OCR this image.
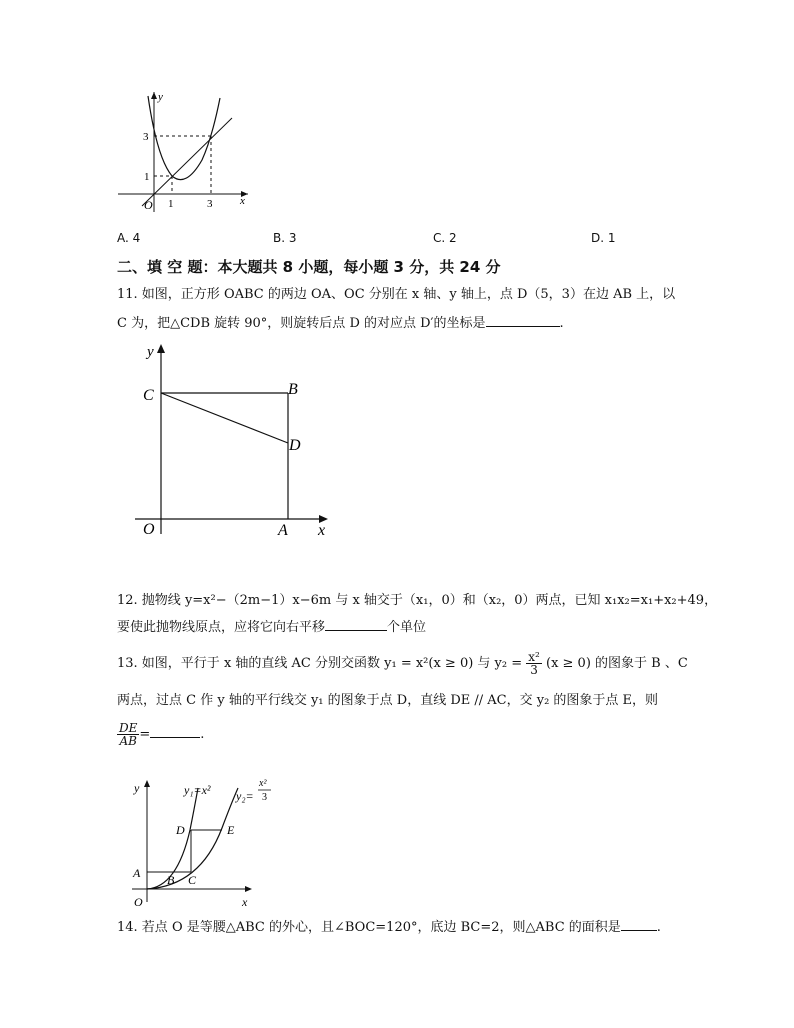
y
x
O
3
1
1	3
A. 4	B. 3	C. 2	D. 1
二、填 空 题：本大题共 8 小题，每小题 3 分，共 24 分
11. 如图，正方形 OABC 的两边 OA、OC 分别在 x 轴、y 轴上，点 D（5，3）在边 AB 上，以
C 为，把△CDB 旋转 90°，则旋转后点 D 的对应点 D′的坐标是	.
y
x
O	A
B
C
D
12. 抛物线 y=x²−（2m−1）x−6m 与 x 轴交于（x₁，0）和（x₂，0）两点，已知 x₁x₂=x₁+x₂+49，
要使此抛物线原点，应将它向右平移	个单位
13. 如图，平行于 x 轴的直线 AC 分别交函数 y₁ = x²(x ≥ 0) 与 $y_2 = \frac{\text{x²}}{3} (x \ge 0)$ 的图象于 B 、C
两点，过点 C 作 y 轴的平行线交 y₁ 的图象于点 D，直线 DE // AC，交 y₂ 的图象于点 E，则
$\frac{DE}{AB}$ =	.
y
x
O
A B C
D	E
y₁=x² y₂=
x²
3
14. 若点 O 是等腰△ABC 的外心，且∠BOC=120°，底边 BC=2，则△ABC 的面积是	.
